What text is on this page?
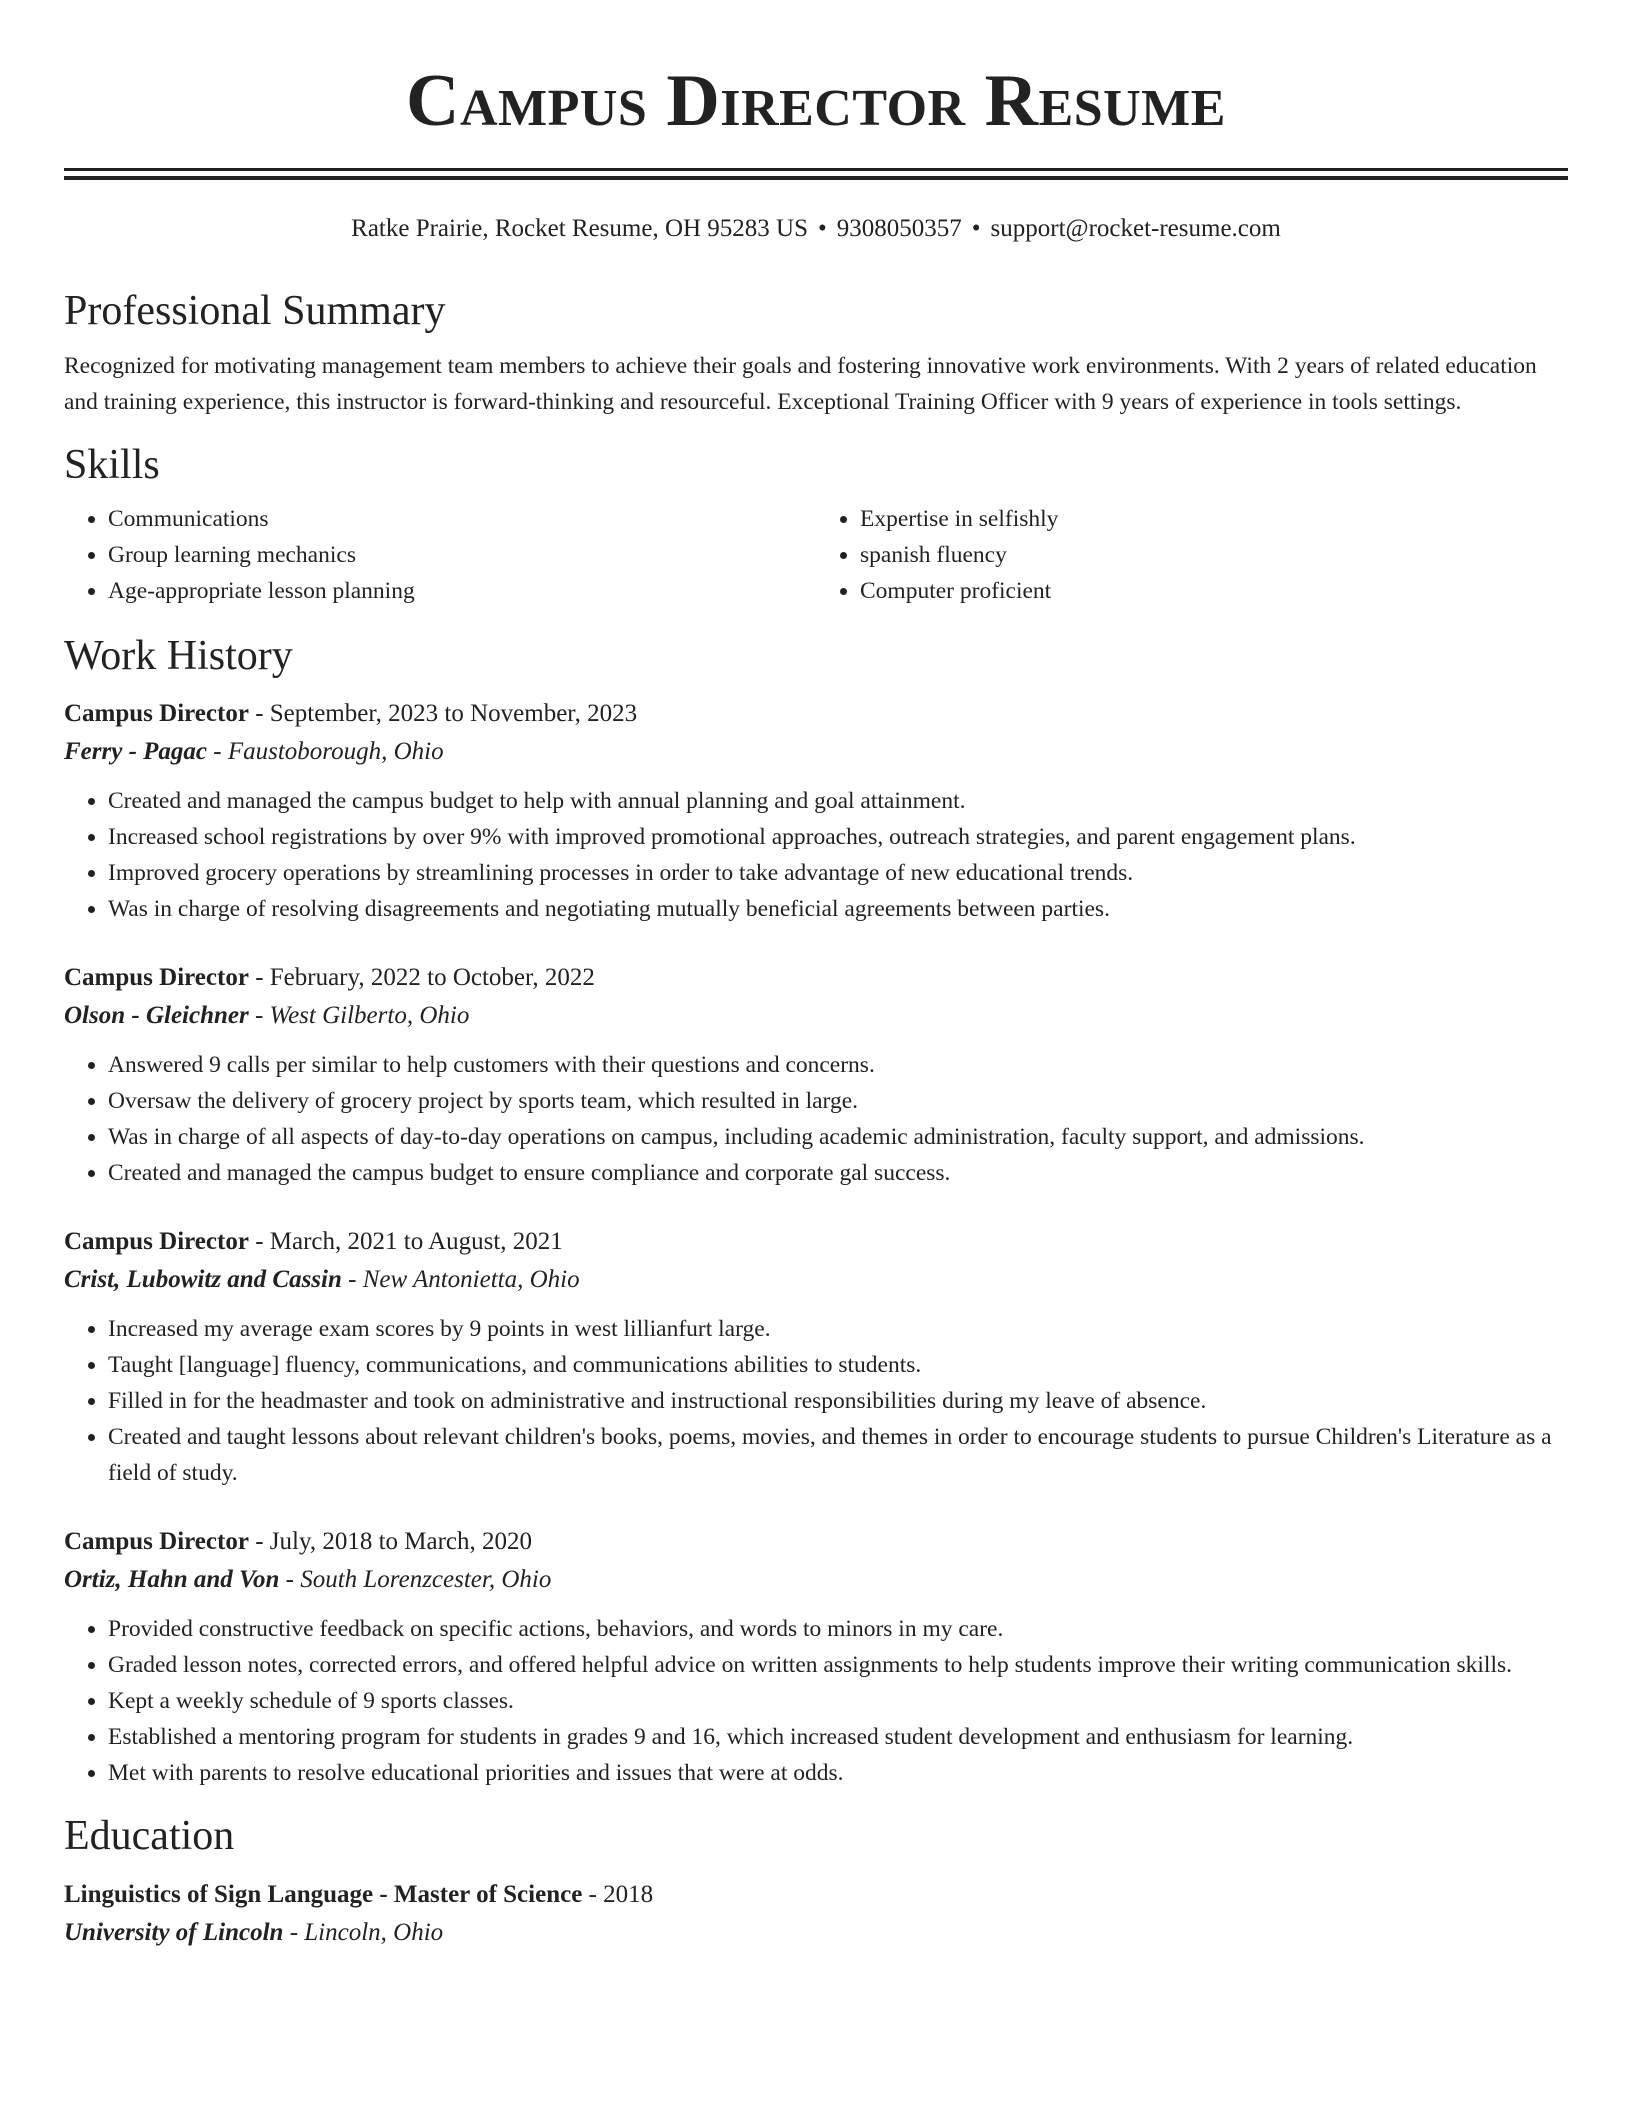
Campus Director Resume
Ratke Prairie, Rocket Resume, OH 95283 US • 9308050357 • support@rocket-resume.com
Professional Summary

Recognized for motivating management team members to achieve their goals and fostering innovative work environments. With 2 years of related education and training experience, this instructor is forward-thinking and resourceful. Exceptional Training Officer with 9 years of experience in tools settings.

Skills
• Communications
• Group learning mechanics
• Age-appropriate lesson planning
• Expertise in selfishly
• spanish fluency
• Computer proficient
Work History

Campus Director - September, 2023 to November, 2023

Ferry - Pagac - Faustoborough, Ohio

• Created and managed the campus budget to help with annual planning and goal attainment.
• Increased school registrations by over 9% with improved promotional approaches, outreach strategies, and parent engagement plans.
• Improved grocery operations by streamlining processes in order to take advantage of new educational trends.
• Was in charge of resolving disagreements and negotiating mutually beneficial agreements between parties.

Campus Director - February, 2022 to October, 2022

Olson - Gleichner - West Gilberto, Ohio

• Answered 9 calls per similar to help customers with their questions and concerns.
• Oversaw the delivery of grocery project by sports team, which resulted in large.
• Was in charge of all aspects of day-to-day operations on campus, including academic administration, faculty support, and admissions.
• Created and managed the campus budget to ensure compliance and corporate gal success.

Campus Director - March, 2021 to August, 2021

Crist, Lubowitz and Cassin - New Antonietta, Ohio

• Increased my average exam scores by 9 points in west lillianfurt large.
• Taught [language] fluency, communications, and communications abilities to students.
• Filled in for the headmaster and took on administrative and instructional responsibilities during my leave of absence.
• Created and taught lessons about relevant children's books, poems, movies, and themes in order to encourage students to pursue Children's Literature as a field of study.

Campus Director - July, 2018 to March, 2020

Ortiz, Hahn and Von - South Lorenzcester, Ohio

• Provided constructive feedback on specific actions, behaviors, and words to minors in my care.
• Graded lesson notes, corrected errors, and offered helpful advice on written assignments to help students improve their writing communication skills.
• Kept a weekly schedule of 9 sports classes.
• Established a mentoring program for students in grades 9 and 16, which increased student development and enthusiasm for learning.
• Met with parents to resolve educational priorities and issues that were at odds.
Education

Linguistics of Sign Language - Master of Science - 2018

University of Lincoln - Lincoln, Ohio
